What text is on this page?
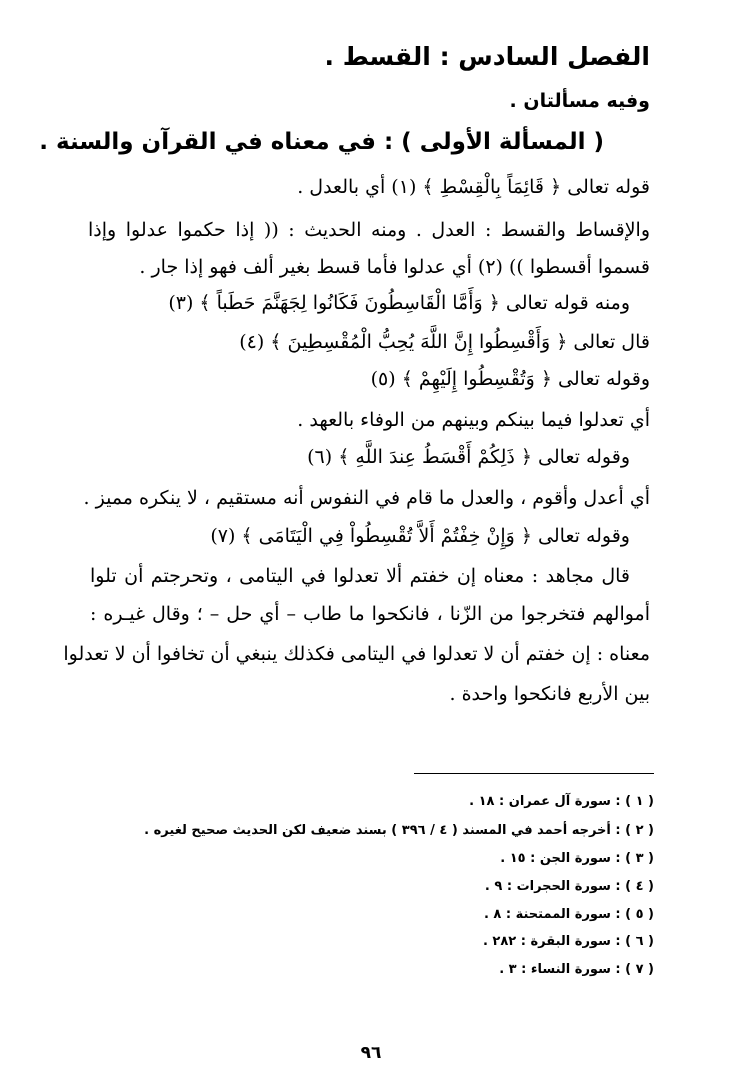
الفصل السادس : القسط .
وفيه مسألتان .
( المسألة الأولى ) : في معناه في القرآن والسنة .
قوله تعالى ﴿ قَائِمَاً بِالْقِسْطِ ﴾ (١) أي بالعدل .
والإقساط والقسط : العدل . ومنه الحديث : (( إذا حكموا عدلوا وإذا
قسموا أقسطوا )) (٢) أي عدلوا فأما قسط بغير ألف فهو إذا جار .
ومنه قوله تعالى ﴿ وَأَمَّا الْقَاسِطُونَ فَكَانُوا لِجَهَنَّمَ حَطَباً ﴾ (٣)
قال تعالى ﴿ وَأَقْسِطُوا إِنَّ اللَّهَ يُحِبُّ الْمُقْسِطِينَ ﴾ (٤)
وقوله تعالى ﴿ وَتُقْسِطُوا إِلَيْهِمْ ﴾ (٥)
أي تعدلوا فيما بينكم وبينهم من الوفاء بالعهد .
وقوله تعالى ﴿ ذَلِكُمْ أَقْسَطُ عِندَ اللَّهِ ﴾ (٦)
أي أعدل وأقوم ، والعدل ما قام في النفوس أنه مستقيم ، لا ينكره مميز .
وقوله تعالى ﴿ وَإِنْ خِفْتُمْ أَلاَّ تُقْسِطُواْ فِي الْيَتَامَى ﴾ (٧)
قال مجاهد : معناه إن خفتم ألا تعدلوا في اليتامى ، وتحرجتم أن تلوا
أموالهم فتخرجوا من الزّنا ، فانكحوا ما طاب – أي حل – ؛ وقال غيـره :
معناه : إن خفتم أن لا تعدلوا في اليتامى فكذلك ينبغي أن تخافوا أن لا تعدلوا
بين الأربع فانكحوا واحدة .
( ١ ) : سورة آل عمران : ١٨ .
( ٢ ) : أخرجه أحمد في المسند ( ٤ / ٣٩٦ ) بسند ضعيف لكن الحديث صحيح لغيره .
( ٣ ) : سورة الجن : ١٥ .
( ٤ ) : سورة الحجرات : ٩ .
( ٥ ) : سورة الممتحنة : ٨ .
( ٦ ) : سورة البقرة : ٢٨٢ .
( ٧ ) : سورة النساء : ٣ .
٩٦
